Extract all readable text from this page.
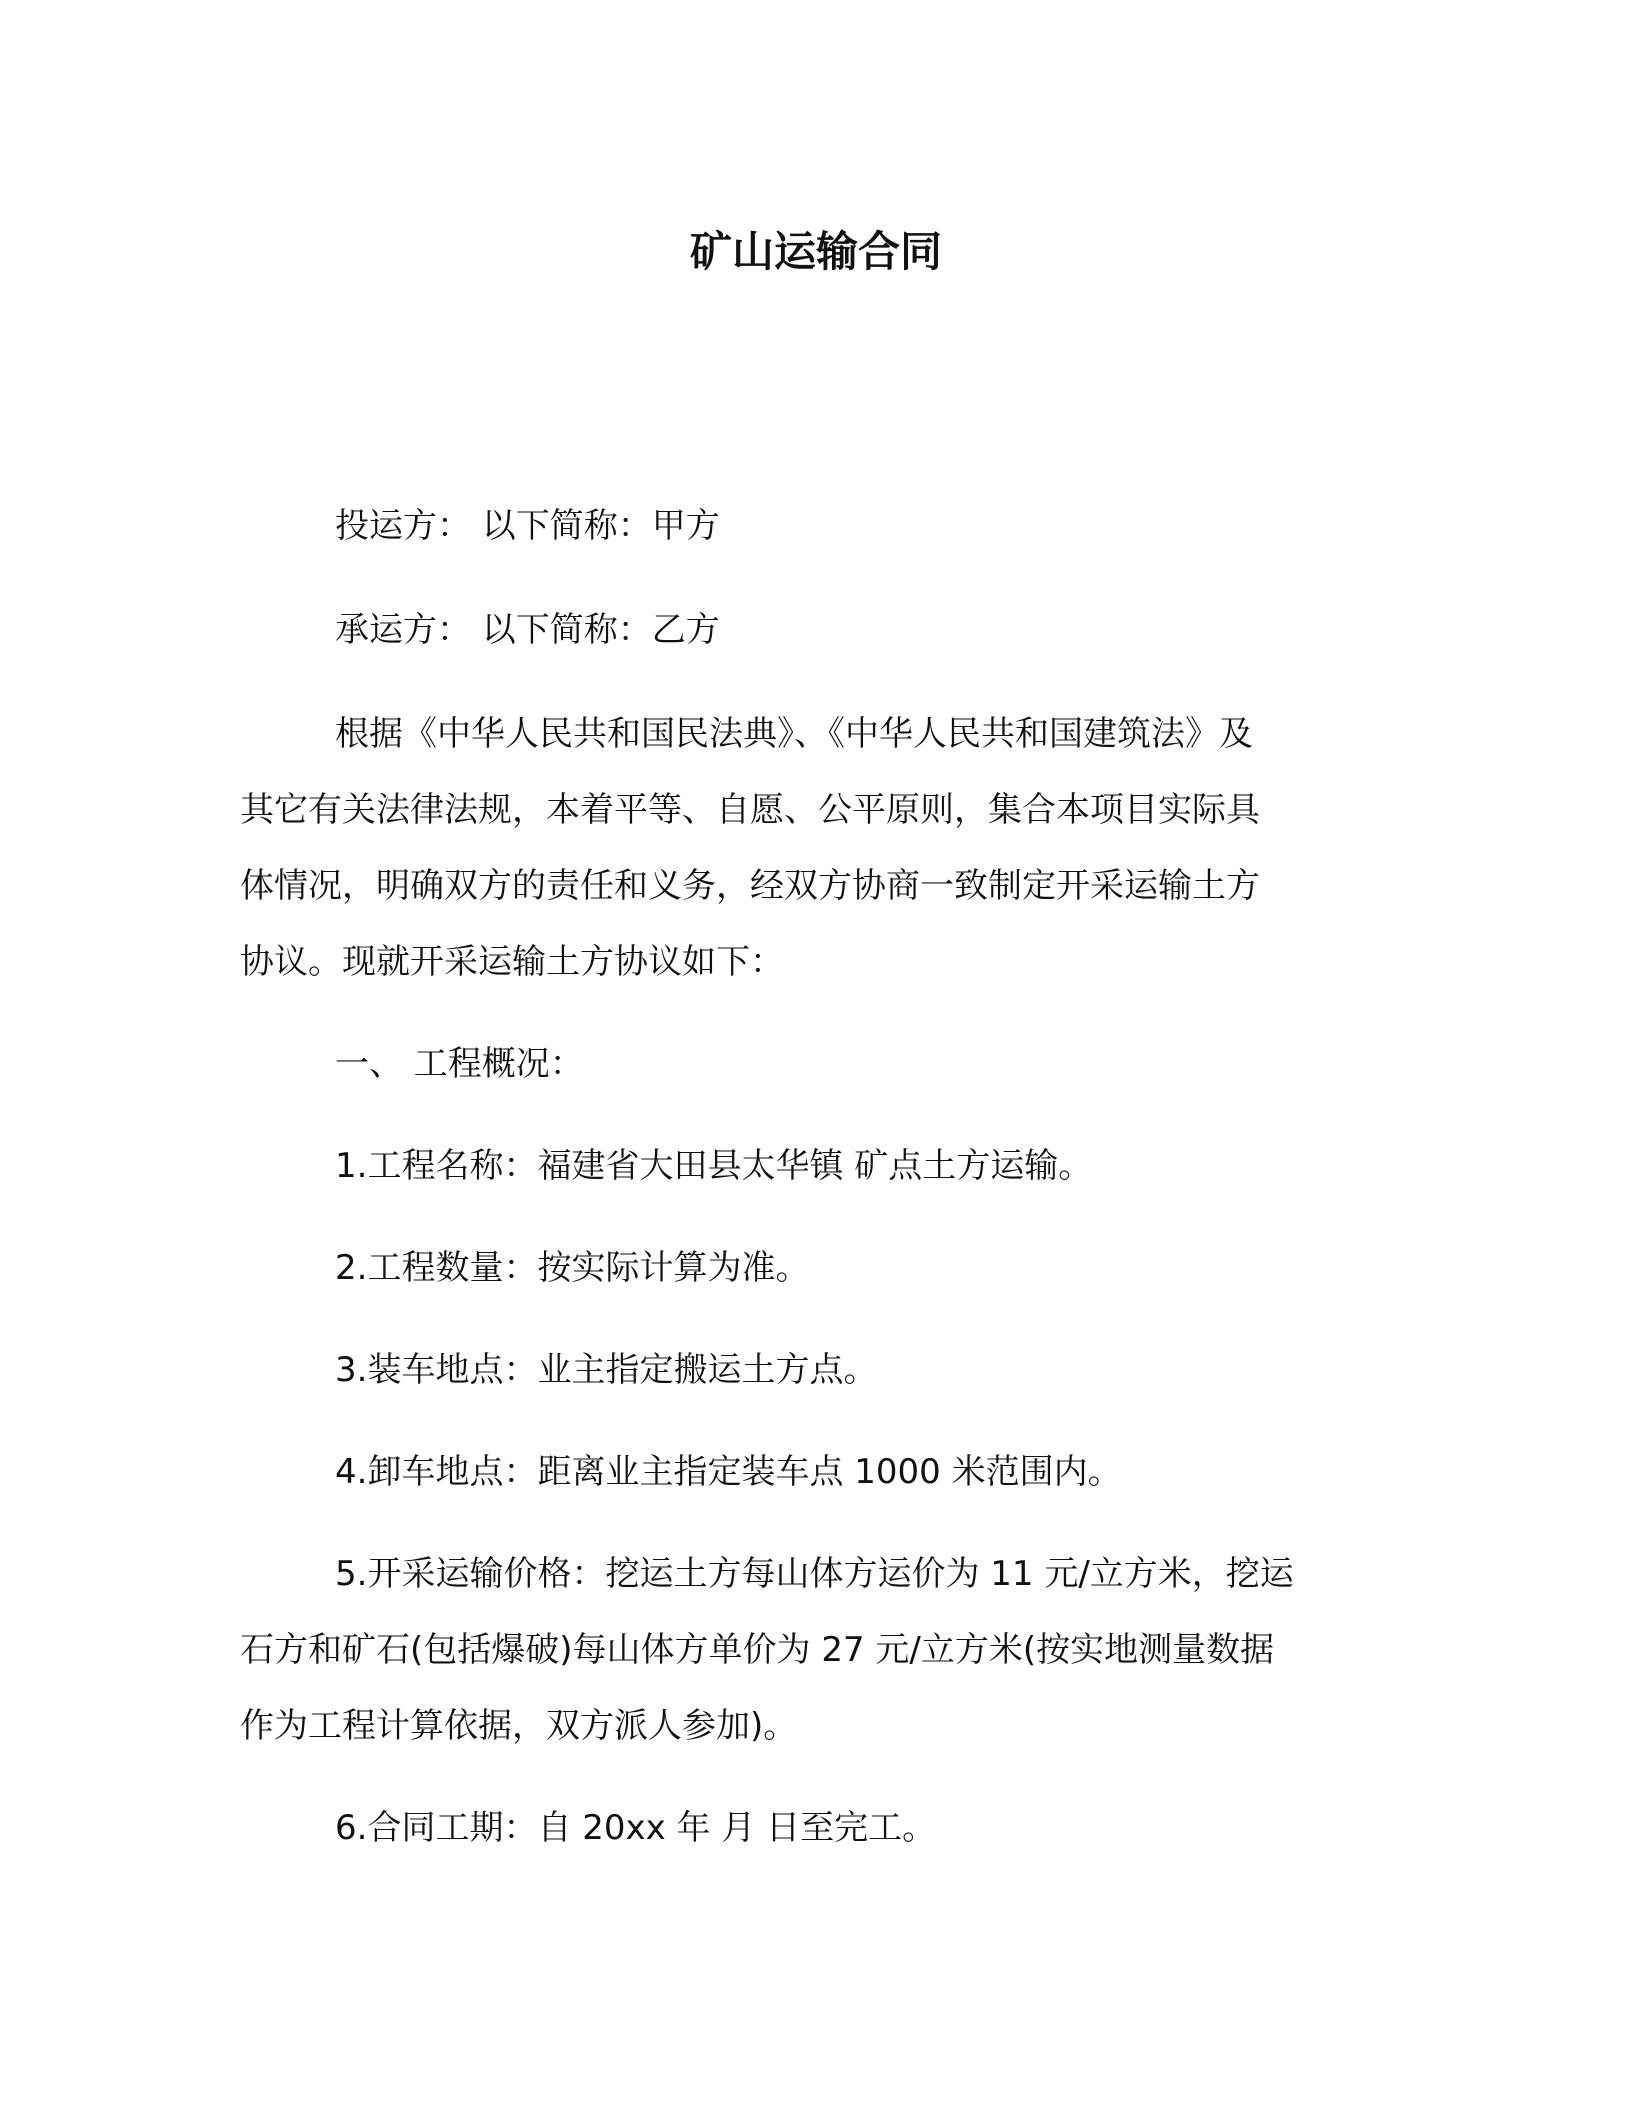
矿山运输合同

投运方： 以下简称：甲方

承运方： 以下简称：乙方

根据《中华人民共和国民法典》、《中华人民共和国建筑法》及

其它有关法律法规，本着平等、自愿、公平原则，集合本项目实际具

体情况，明确双方的责任和义务，经双方协商一致制定开采运输土方

协议。现就开采运输土方协议如下：

一、 工程概况：

1.工程名称：福建省大田县太华镇 矿点土方运输。

2.工程数量：按实际计算为准。

3.装车地点：业主指定搬运土方点。

4.卸车地点：距离业主指定装车点 1000 米范围内。

5.开采运输价格：挖运土方每山体方运价为 11 元/立方米，挖运

石方和矿石(包括爆破)每山体方单价为 27 元/立方米(按实地测量数据

作为工程计算依据，双方派人参加)。

6.合同工期：自 20xx 年 月 日至完工。
